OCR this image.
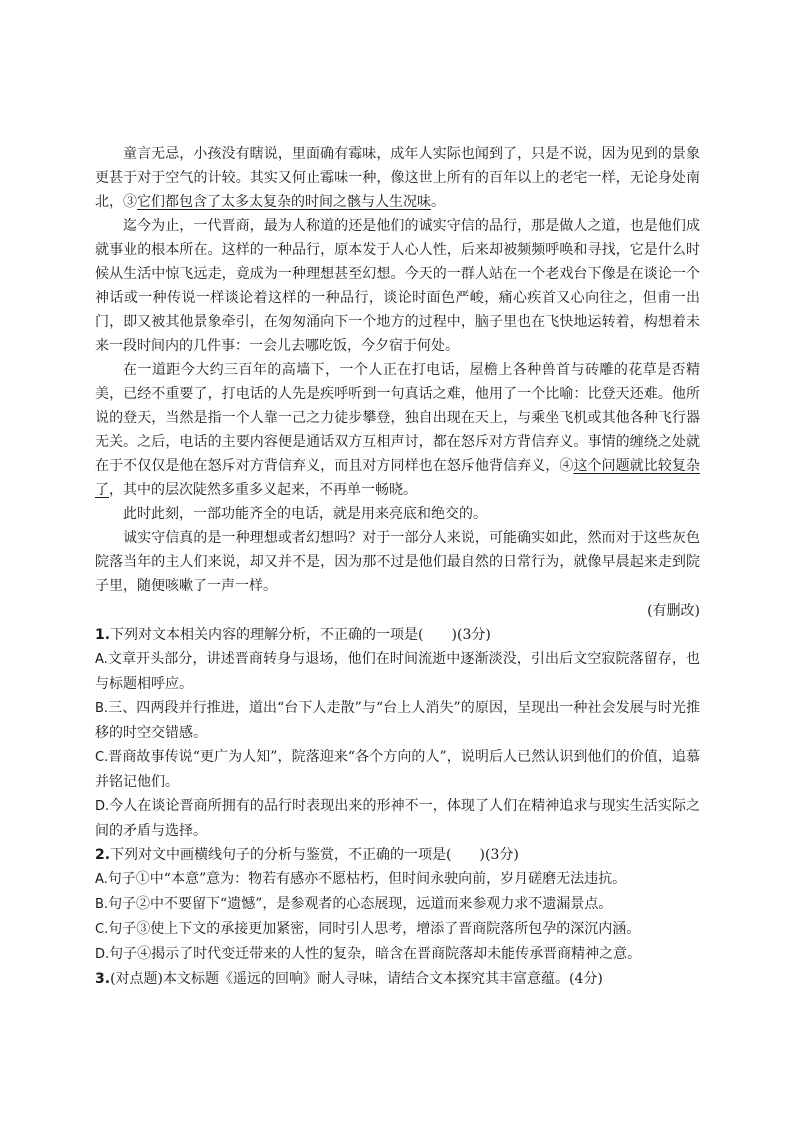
童言无忌，小孩没有瞎说，里面确有霉味，成年人实际也闻到了，只是不说，因为见到的景象更甚于对于空气的计较。其实又何止霉味一种，像这世上所有的百年以上的老宅一样，无论身处南北，③它们都包含了太多太复杂的时间之骸与人生况味。

迄今为止，一代晋商，最为人称道的还是他们的诚实守信的品行，那是做人之道，也是他们成就事业的根本所在。这样的一种品行，原本发于人心人性，后来却被频频呼唤和寻找，它是什么时候从生活中惊飞远走，竟成为一种理想甚至幻想。今天的一群人站在一个老戏台下像是在谈论一个神话或一种传说一样谈论着这样的一种品行，谈论时面色严峻，痛心疾首又心向往之，但甫一出门，即又被其他景象牵引，在匆匆涌向下一个地方的过程中，脑子里也在飞快地运转着，构想着未来一段时间内的几件事：一会儿去哪吃饭，今夕宿于何处。

在一道距今大约三百年的高墙下，一个人正在打电话，屋檐上各种兽首与砖雕的花草是否精美，已经不重要了，打电话的人先是疾呼听到一句真话之难，他用了一个比喻：比登天还难。他所说的登天，当然是指一个人靠一己之力徒步攀登，独自出现在天上，与乘坐飞机或其他各种飞行器无关。之后，电话的主要内容便是通话双方互相声讨，都在怒斥对方背信弃义。事情的缠绕之处就在于不仅仅是他在怒斥对方背信弃义，而且对方同样也在怒斥他背信弃义，④这个问题就比较复杂了，其中的层次陡然多重多义起来，不再单一畅晓。

此时此刻，一部功能齐全的电话，就是用来亮底和绝交的。

诚实守信真的是一种理想或者幻想吗？对于一部分人来说，可能确实如此，然而对于这些灰色院落当年的主人们来说，却又并不是，因为那不过是他们最自然的日常行为，就像早晨起来走到院子里，随便咳嗽了一声一样。

(有删改)

1.下列对文本相关内容的理解分析，不正确的一项是(　　)(3分)

A.文章开头部分，讲述晋商转身与退场，他们在时间流逝中逐渐淡没，引出后文空寂院落留存，也与标题相呼应。

B.三、四两段并行推进，道出“台下人走散”与“台上人消失”的原因，呈现出一种社会发展与时光推移的时空交错感。

C.晋商故事传说“更广为人知”，院落迎来“各个方向的人”，说明后人已然认识到他们的价值，追慕并铭记他们。

D.今人在谈论晋商所拥有的品行时表现出来的形神不一，体现了人们在精神追求与现实生活实际之间的矛盾与选择。

2.下列对文中画横线句子的分析与鉴赏，不正确的一项是(　　)(3分)

A.句子①中“本意”意为：物若有感亦不愿枯朽，但时间永驶向前，岁月磋磨无法违抗。

B.句子②中不要留下“遗憾”，是参观者的心态展现，远道而来参观力求不遗漏景点。

C.句子③使上下文的承接更加紧密，同时引人思考，增添了晋商院落所包孕的深沉内涵。

D.句子④揭示了时代变迁带来的人性的复杂，暗含在晋商院落却未能传承晋商精神之意。

3.(对点题)本文标题《遥远的回响》耐人寻味，请结合文本探究其丰富意蕴。(4分)
